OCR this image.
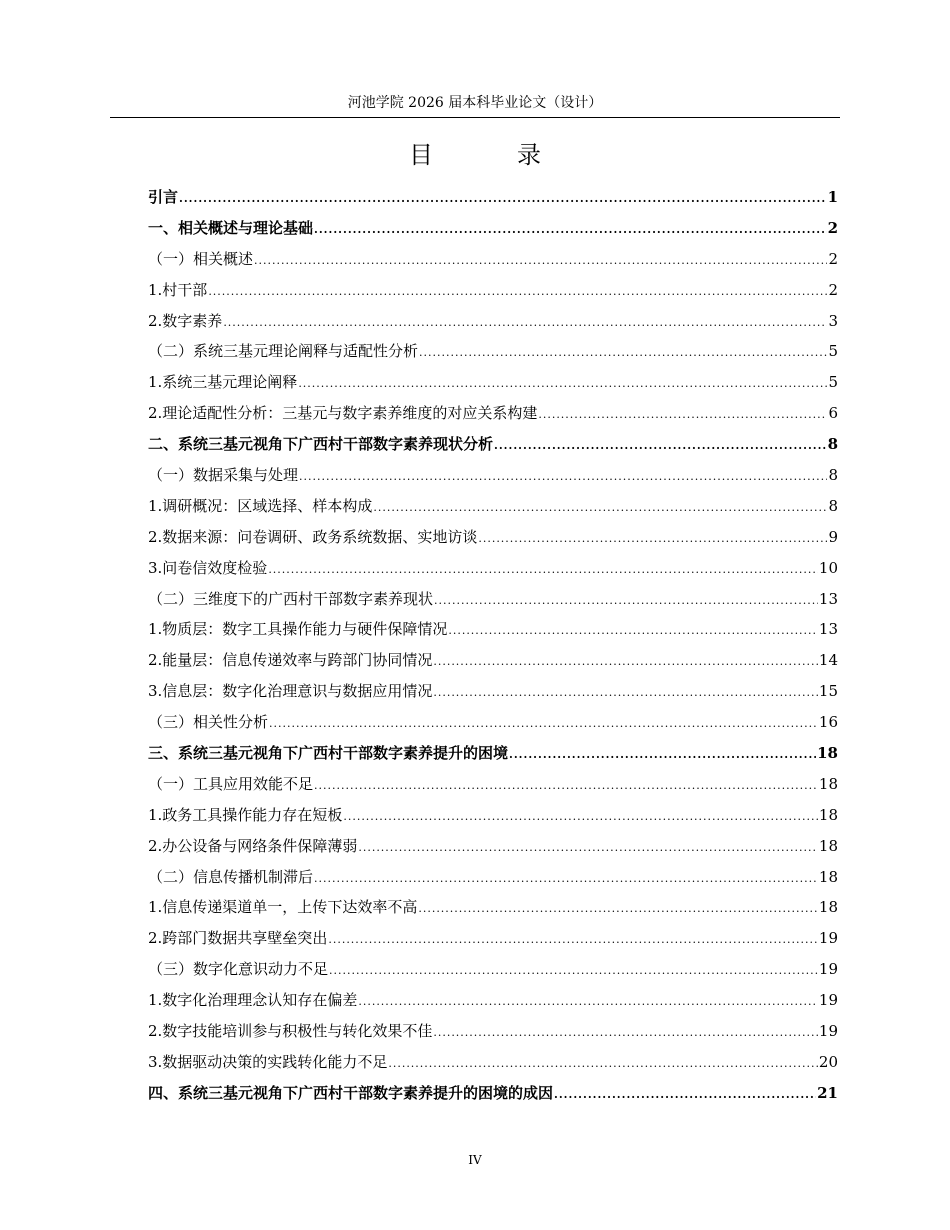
河池学院 2026 届本科毕业论文（设计）
目　录
引言 .....	1
一、相关概述与理论基础 .....	2
（一）相关概述 .....	2
1.村干部 .....	2
2.数字素养 .....	3
（二）系统三基元理论阐释与适配性分析 .....	5
1.系统三基元理论阐释 .....	5
2.理论适配性分析：三基元与数字素养维度的对应关系构建 .....	6
二、系统三基元视角下广西村干部数字素养现状分析 .....	8
（一）数据采集与处理 .....	8
1.调研概况：区域选择、样本构成 .....	8
2.数据来源：问卷调研、政务系统数据、实地访谈 .....	9
3.问卷信效度检验 .....	10
（二）三维度下的广西村干部数字素养现状 .....	13
1.物质层：数字工具操作能力与硬件保障情况 .....	13
2.能量层：信息传递效率与跨部门协同情况 .....	14
3.信息层：数字化治理意识与数据应用情况 .....	15
（三）相关性分析 .....	16
三、系统三基元视角下广西村干部数字素养提升的困境 .....	18
（一）工具应用效能不足 .....	18
1.政务工具操作能力存在短板 .....	18
2.办公设备与网络条件保障薄弱 .....	18
（二）信息传播机制滞后 .....	18
1.信息传递渠道单一，上传下达效率不高 .....	18
2.跨部门数据共享壁垒突出 .....	19
（三）数字化意识动力不足 .....	19
1.数字化治理理念认知存在偏差 .....	19
2.数字技能培训参与积极性与转化效果不佳 .....	19
3.数据驱动决策的实践转化能力不足 .....	20
四、系统三基元视角下广西村干部数字素养提升的困境的成因 .....	21
IV
